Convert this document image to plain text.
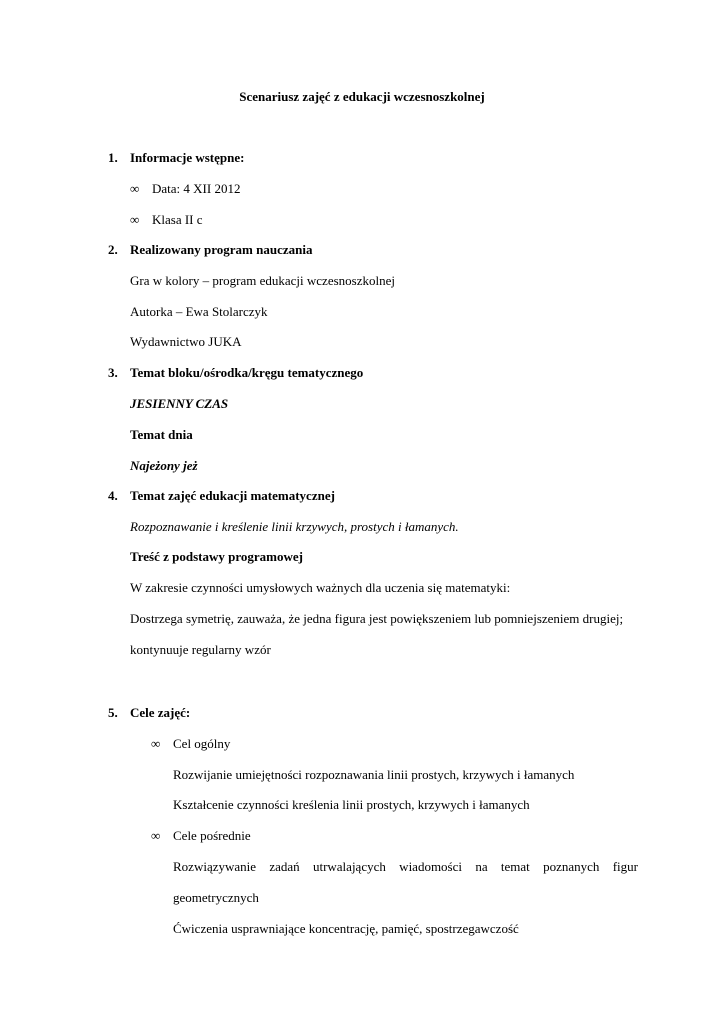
Scenariusz zajęć z edukacji wczesnoszkolnej
1. Informacje wstępne:
∞ Data: 4 XII 2012
∞ Klasa II c
2. Realizowany program nauczania
Gra w kolory – program edukacji wczesnoszkolnej
Autorka – Ewa Stolarczyk
Wydawnictwo JUKA
3. Temat bloku/ośrodka/kręgu tematycznego
JESIENNY CZAS
Temat dnia
Najeżony jeż
4. Temat zajęć edukacji matematycznej
Rozpoznawanie i kreślenie linii krzywych, prostych i łamanych.
Treść z podstawy programowej
W zakresie czynności umysłowych ważnych dla uczenia się matematyki:
Dostrzega symetrię, zauważa, że jedna figura jest powiększeniem lub pomniejszeniem drugiej;
kontynuuje regularny wzór
5. Cele zajęć:
∞ Cel ogólny
Rozwijanie umiejętności rozpoznawania linii prostych, krzywych i łamanych
Kształcenie czynności kreślenia linii prostych, krzywych i łamanych
∞ Cele pośrednie
Rozwiązywanie zadań utrwalających wiadomości na temat poznanych figur
geometrycznych
Ćwiczenia usprawniające koncentrację, pamięć, spostrzegawczość
